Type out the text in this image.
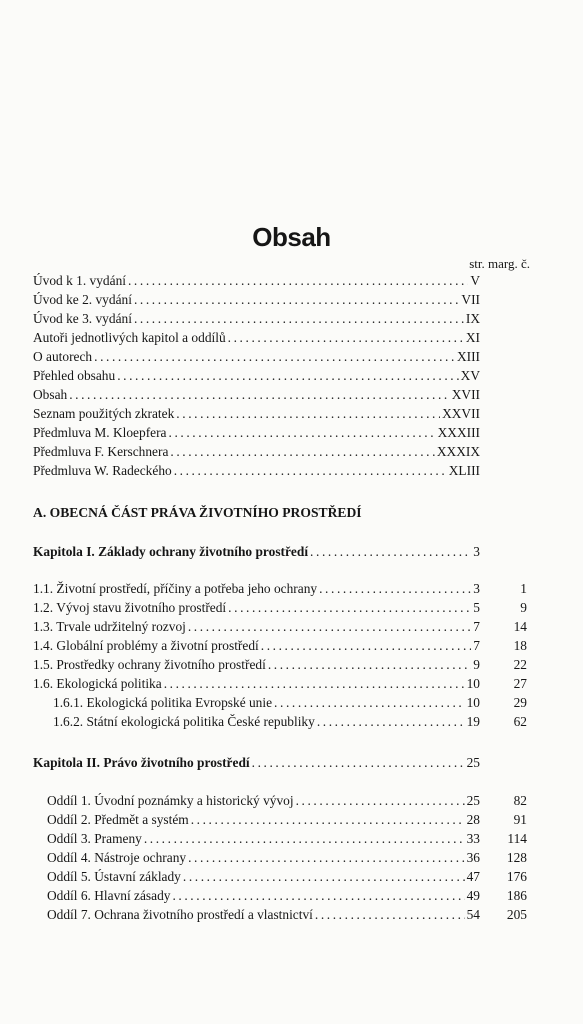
Obsah
str. marg. č.
Úvod k 1. vydání .....	V
Úvod ke 2. vydání .....	VII
Úvod ke 3. vydání .....	IX
Autoři jednotlivých kapitol a oddílů .....	XI
O autorech .....	XIII
Přehled obsahu .....	XV
Obsah .....	XVII
Seznam použitých zkratek .....	XXVII
Předmluva M. Kloepfera .....	XXXIII
Předmluva F. Kerschnera .....	XXXIX
Předmluva W. Radeckého .....	XLIII
A. OBECNÁ ČÁST PRÁVA ŽIVOTNÍHO PROSTŘEDÍ
Kapitola I. Základy ochrany životního prostředí .....	3
1.1. Životní prostředí, příčiny a potřeba jeho ochrany .....	3	1
1.2. Vývoj stavu životního prostředí .....	5	9
1.3. Trvale udržitelný rozvoj .....	7	14
1.4. Globální problémy a životní prostředí .....	7	18
1.5. Prostředky ochrany životního prostředí .....	9	22
1.6. Ekologická politika .....	10	27
1.6.1. Ekologická politika Evropské unie .....	10	29
1.6.2. Státní ekologická politika České republiky .....	19	62
Kapitola II. Právo životního prostředí .....	25
Oddíl 1. Úvodní poznámky a historický vývoj .....	25	82
Oddíl 2. Předmět a systém .....	28	91
Oddíl 3. Prameny .....	33	114
Oddíl 4. Nástroje ochrany .....	36	128
Oddíl 5. Ústavní základy .....	47	176
Oddíl 6. Hlavní zásady .....	49	186
Oddíl 7. Ochrana životního prostředí a vlastnictví .....	54	205
